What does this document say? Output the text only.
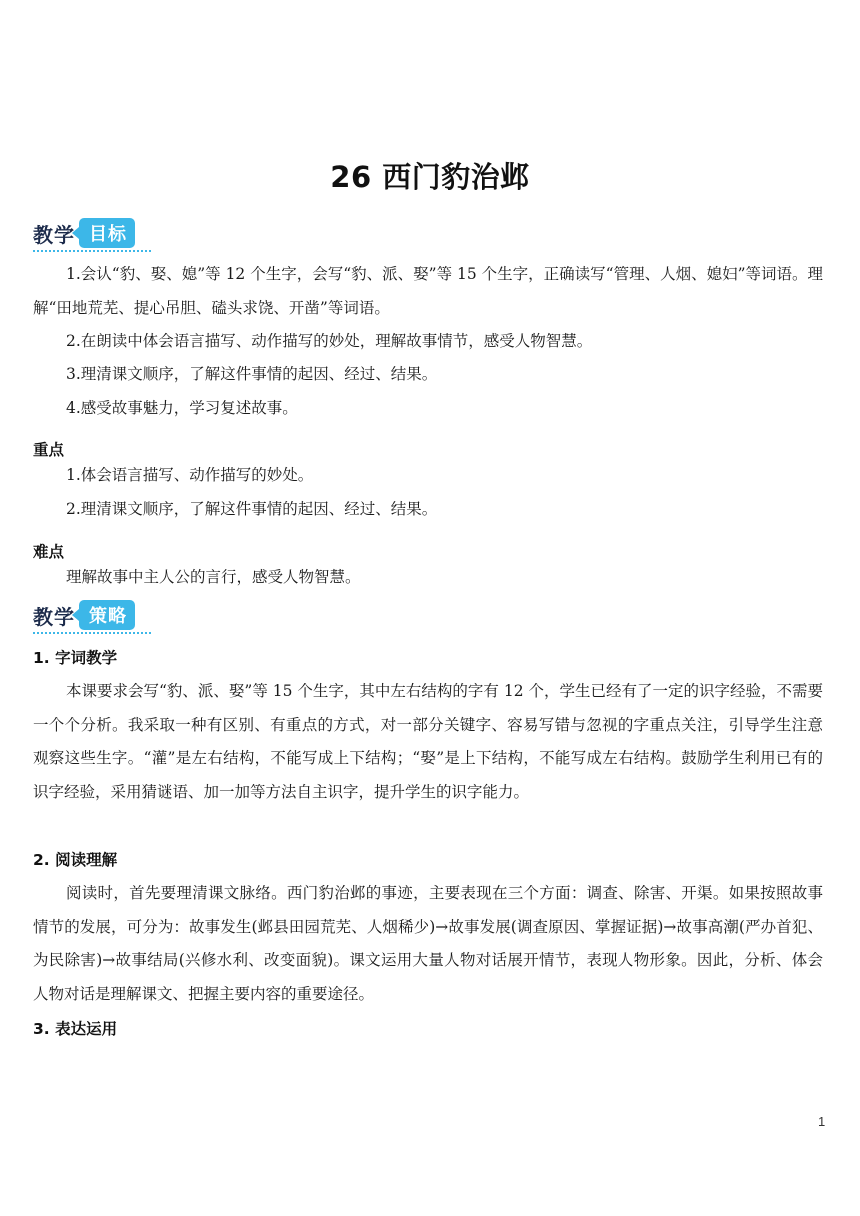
26 西门豹治邺
教学 目标
1.会认“豹、娶、媳”等 12 个生字，会写“豹、派、娶”等 15 个生字，正确读写“管理、人烟、媳妇”等词语。理解“田地荒芜、提心吊胆、磕头求饶、开凿”等词语。
2.在朗读中体会语言描写、动作描写的妙处，理解故事情节，感受人物智慧。
3.理清课文顺序，了解这件事情的起因、经过、结果。
4.感受故事魅力，学习复述故事。
重点
1.体会语言描写、动作描写的妙处。
2.理清课文顺序，了解这件事情的起因、经过、结果。
难点
理解故事中主人公的言行，感受人物智慧。
教学 策略
1. 字词教学
本课要求会写“豹、派、娶”等 15 个生字，其中左右结构的字有 12 个，学生已经有了一定的识字经验，不需要一个个分析。我采取一种有区别、有重点的方式，对一部分关键字、容易写错与忽视的字重点关注，引导学生注意观察这些生字。“灌”是左右结构，不能写成上下结构；“娶”是上下结构，不能写成左右结构。鼓励学生利用已有的识字经验，采用猜谜语、加一加等方法自主识字，提升学生的识字能力。
2. 阅读理解
阅读时，首先要理清课文脉络。西门豹治邺的事迹，主要表现在三个方面：调查、除害、开渠。如果按照故事情节的发展，可分为：故事发生(邺县田园荒芜、人烟稀少)→故事发展(调查原因、掌握证据)→故事高潮(严办首犯、为民除害)→故事结局(兴修水利、改变面貌)。课文运用大量人物对话展开情节，表现人物形象。因此，分析、体会人物对话是理解课文、把握主要内容的重要途径。
3. 表达运用
1
